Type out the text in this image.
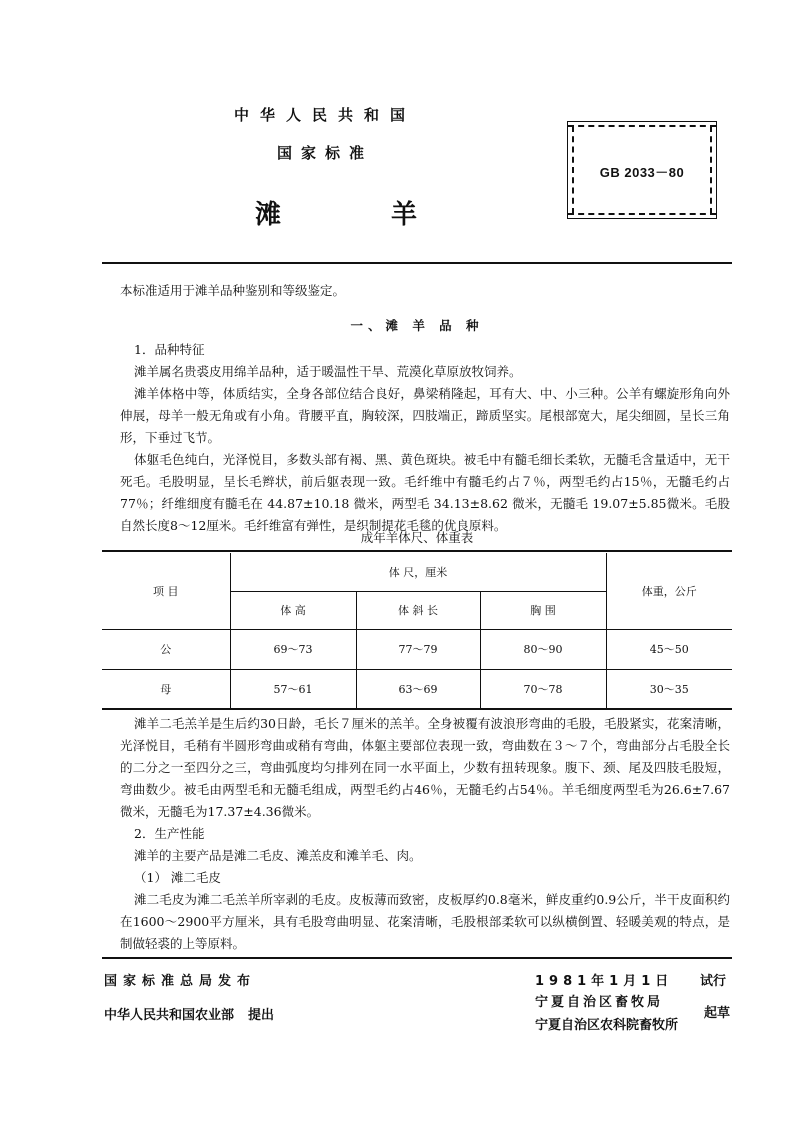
中华人民共和国
国家标准
滩羊
GB 2033－80
本标准适用于滩羊品种鉴别和等级鉴定。
一、滩 羊 品 种

1．品种特征

滩羊属名贵裘皮用绵羊品种，适于暖温性干旱、荒漠化草原放牧饲养。

滩羊体格中等，体质结实，全身各部位结合良好，鼻梁稍隆起，耳有大、中、小三种。公羊有螺旋形角向外伸展，母羊一般无角或有小角。背腰平直，胸较深，四肢端正，蹄质坚实。尾根部宽大，尾尖细圆，呈长三角形，下垂过飞节。

体躯毛色纯白，光泽悦目，多数头部有褐、黑、黄色斑块。被毛中有髓毛细长柔软，无髓毛含量适中，无干死毛。毛股明显，呈长毛辫状，前后躯表现一致。毛纤维中有髓毛约占７％，两型毛约占15％，无髓毛约占77％；纤维细度有髓毛在 44.87±10.18 微米，两型毛 34.13±8.62 微米，无髓毛 19.07±5.85微米。毛股自然长度8～12厘米。毛纤维富有弹性，是织制提花毛毯的优良原料。

成年羊体尺、体重表

项 目	体 尺，厘米			体重，公斤
	体 高	体 斜 长	胸 围	
公	69～73	77～79	80～90	45～50
母	57～61	63～69	70～78	30～35

滩羊二毛羔羊是生后约30日龄，毛长７厘米的羔羊。全身被覆有波浪形弯曲的毛股，毛股紧实，花案清晰，光泽悦目，毛稍有半圆形弯曲或稍有弯曲，体躯主要部位表现一致，弯曲数在３～７个，弯曲部分占毛股全长的二分之一至四分之三，弯曲弧度均匀排列在同一水平面上，少数有扭转现象。腹下、颈、尾及四肢毛股短，弯曲数少。被毛由两型毛和无髓毛组成，两型毛约占46％，无髓毛约占54％。羊毛细度两型毛为26.6±7.67微米，无髓毛为17.37±4.36微米。

2．生产性能

滩羊的主要产品是滩二毛皮、滩羔皮和滩羊毛、肉。

（1） 滩二毛皮

滩二毛皮为滩二毛羔羊所宰剥的毛皮。皮板薄而致密，皮板厚约0.8毫米，鲜皮重约0.9公斤，半干皮面积约在1600～2900平方厘米，具有毛股弯曲明显、花案清晰，毛股根部柔软可以纵横倒置、轻暖美观的特点，是制做轻裘的上等原料。

国家标准总局发布
中华人民共和国农业部 提出
1981年1月1日 试行
宁夏自治区畜牧局
宁夏自治区农科院畜牧所
起草
